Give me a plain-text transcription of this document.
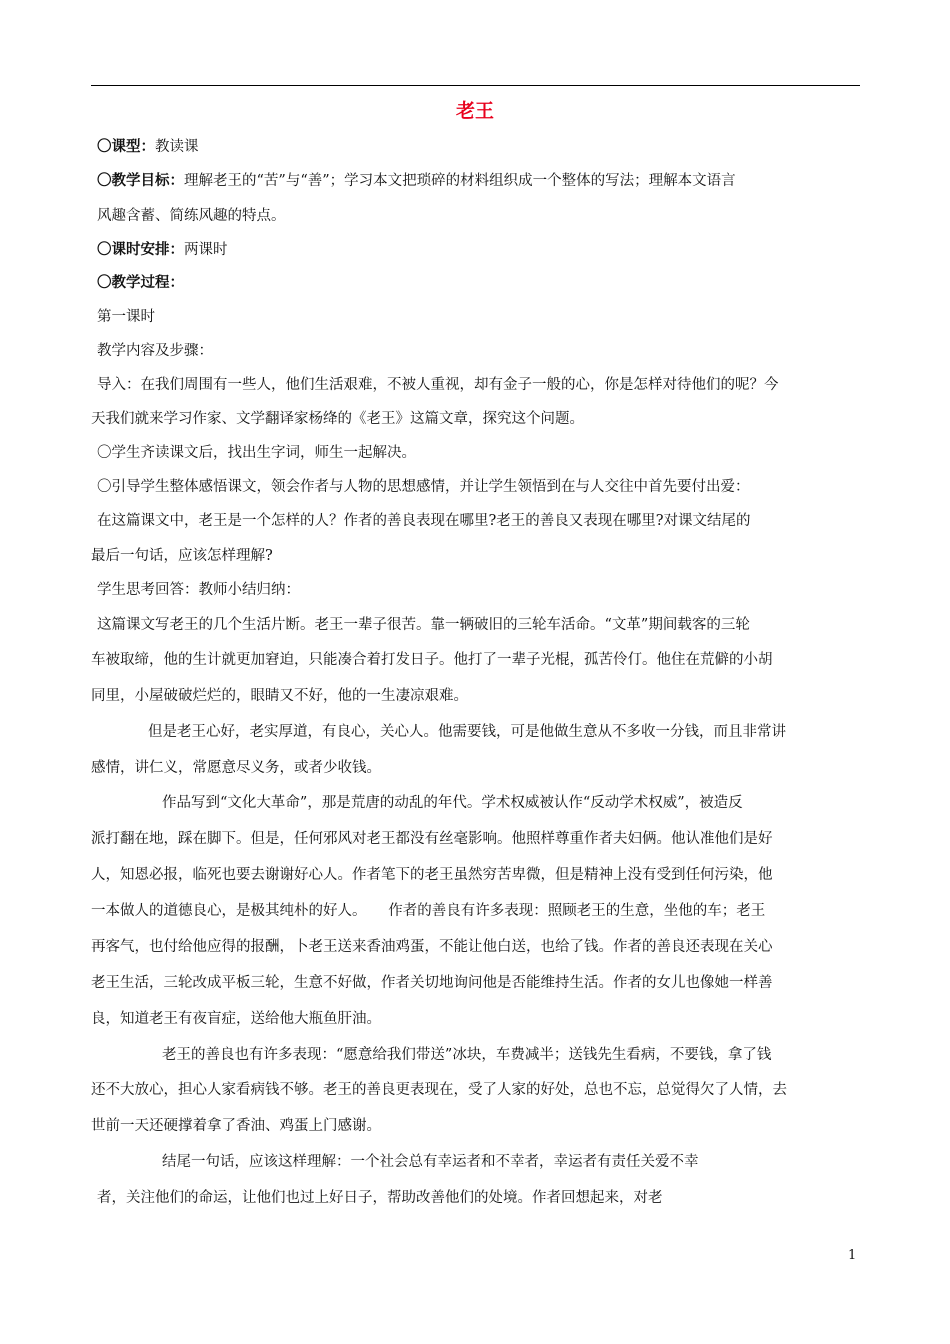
老王
〇课型：教读课
〇教学目标：理解老王的“苦”与“善”；学习本文把琐碎的材料组织成一个整体的写法；理解本文语言
风趣含蓄、简练风趣的特点。
〇课时安排：两课时
〇教学过程：
第一课时
教学内容及步骤：
导入：在我们周围有一些人，他们生活艰难，不被人重视，却有金子一般的心，你是怎样对待他们的呢？今
天我们就来学习作家、文学翻译家杨绛的《老王》这篇文章，探究这个问题。
〇学生齐读课文后，找出生字词，师生一起解决。
〇引导学生整体感悟课文，领会作者与人物的思想感情，并让学生领悟到在与人交往中首先要付出爱：
在这篇课文中，老王是一个怎样的人？作者的善良表现在哪里?老王的善良又表现在哪里?对课文结尾的
最后一句话，应该怎样理解?
学生思考回答：教师小结归纳：
这篇课文写老王的几个生活片断。老王一辈子很苦。靠一辆破旧的三轮车活命。“文革”期间载客的三轮
车被取缔，他的生计就更加窘迫，只能凑合着打发日子。他打了一辈子光棍，孤苦伶仃。他住在荒僻的小胡
同里，小屋破破烂烂的，眼睛又不好，他的一生凄凉艰难。
但是老王心好，老实厚道，有良心，关心人。他需要钱，可是他做生意从不多收一分钱，而且非常讲
感情，讲仁义，常愿意尽义务，或者少收钱。
作品写到“文化大革命”，那是荒唐的动乱的年代。学术权威被认作“反动学术权威”，被造反
派打翻在地，踩在脚下。但是，任何邪风对老王都没有丝毫影响。他照样尊重作者夫妇俩。他认准他们是好
人，知恩必报，临死也要去谢谢好心人。作者笔下的老王虽然穷苦卑微，但是精神上没有受到任何污染，他
一本做人的道德良心，是极其纯朴的好人。　　作者的善良有许多表现：照顾老王的生意，坐他的车；老王
再客气，也付给他应得的报酬，卜老王送来香油鸡蛋，不能让他白送，也给了钱。作者的善良还表现在关心
老王生活，三轮改成平板三轮，生意不好做，作者关切地询问他是否能维持生活。作者的女儿也像她一样善
良，知道老王有夜盲症，送给他大瓶鱼肝油。
老王的善良也有许多表现：“愿意给我们带送”冰块，车费减半；送钱先生看病，不要钱，拿了钱
还不大放心，担心人家看病钱不够。老王的善良更表现在，受了人家的好处，总也不忘，总觉得欠了人情，去
世前一天还硬撑着拿了香油、鸡蛋上门感谢。
结尾一句话，应该这样理解：一个社会总有幸运者和不幸者，幸运者有责任关爱不幸
者，关注他们的命运，让他们也过上好日子，帮助改善他们的处境。作者回想起来，对老
1
